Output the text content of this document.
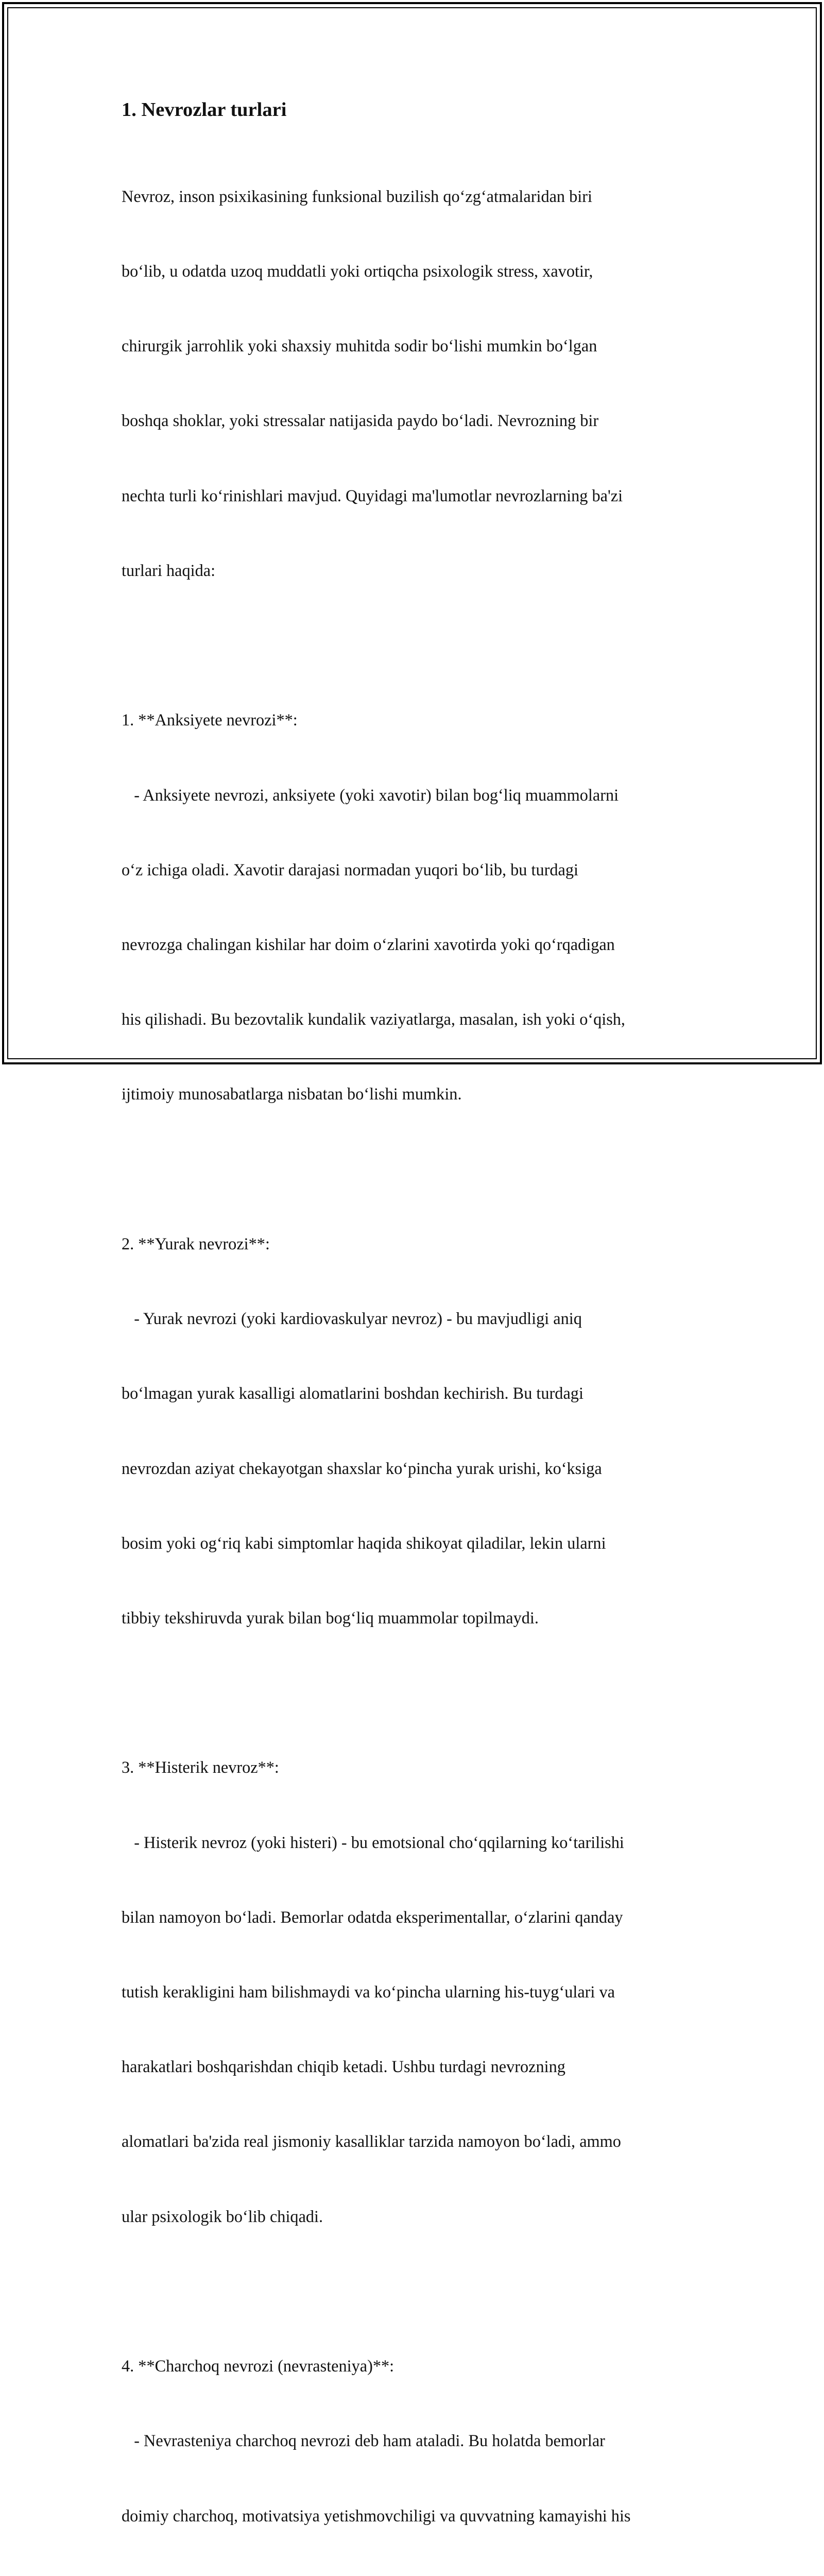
1. Nevrozlar turlari

Nevroz, inson psixikasining funksional buzilish qo‘zg‘atmalaridan biri

bo‘lib, u odatda uzoq muddatli yoki ortiqcha psixologik stress, xavotir,

chirurgik jarrohlik yoki shaxsiy muhitda sodir bo‘lishi mumkin bo‘lgan

boshqa shoklar, yoki stressalar natijasida paydo bo‘ladi. Nevrozning bir

nechta turli ko‘rinishlari mavjud. Quyidagi ma'lumotlar nevrozlarning ba'zi

turlari haqida:

1. **Anksiyete nevrozi**:

- Anksiyete nevrozi, anksiyete (yoki xavotir) bilan bog‘liq muammolarni

o‘z ichiga oladi. Xavotir darajasi normadan yuqori bo‘lib, bu turdagi

nevrozga chalingan kishilar har doim o‘zlarini xavotirda yoki qo‘rqadigan

his qilishadi. Bu bezovtalik kundalik vaziyatlarga, masalan, ish yoki o‘qish,

ijtimoiy munosabatlarga nisbatan bo‘lishi mumkin.

2. **Yurak nevrozi**:

- Yurak nevrozi (yoki kardiovaskulyar nevroz) - bu mavjudligi aniq

bo‘lmagan yurak kasalligi alomatlarini boshdan kechirish. Bu turdagi

nevrozdan aziyat chekayotgan shaxslar ko‘pincha yurak urishi, ko‘ksiga

bosim yoki og‘riq kabi simptomlar haqida shikoyat qiladilar, lekin ularni

tibbiy tekshiruvda yurak bilan bog‘liq muammolar topilmaydi.

3. **Histerik nevroz**:

- Histerik nevroz (yoki histeri) - bu emotsional cho‘qqilarning ko‘tarilishi

bilan namoyon bo‘ladi. Bemorlar odatda eksperimentallar, o‘zlarini qanday

tutish kerakligini ham bilishmaydi va ko‘pincha ularning his-tuyg‘ulari va

harakatlari boshqarishdan chiqib ketadi. Ushbu turdagi nevrozning

alomatlari ba'zida real jismoniy kasalliklar tarzida namoyon bo‘ladi, ammo

ular psixologik bo‘lib chiqadi.

4. **Charchoq nevrozi (nevrasteniya)**:

- Nevrasteniya charchoq nevrozi deb ham ataladi. Bu holatda bemorlar

doimiy charchoq, motivatsiya yetishmovchiligi va quvvatning kamayishi his
